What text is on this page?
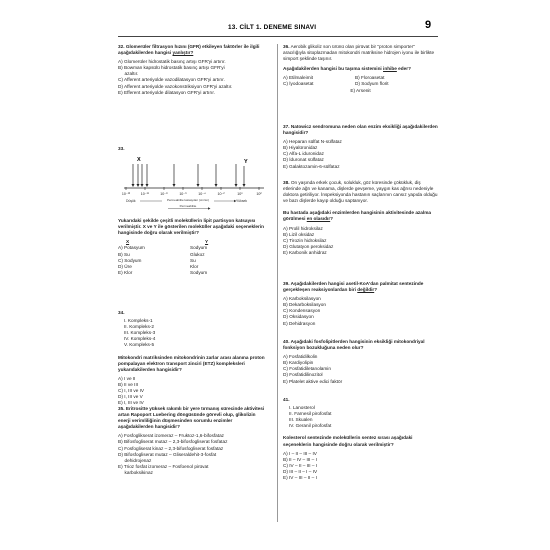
13. CİLT 1. DENEME SINAVI	9
32. Glomerüler filtrasyon hızını (GFR) etkileyen faktörler ile ilgili aşağıdakilerden hangisi yanlıştır?
A) Glomerüler hidrostatik basınç artışı GFR'yi artırır.
B) Bowman kapsülü hidrostatik basınç artışı GFR'yi
azaltır.
C) Afferent arteriyolde vazodilatasyon GFR'yi artırır.
D) Afferent arteriyolde vazokonstriksiyon GFR'yi azaltır.
E) Efferent arteriyolde dilatasyon GFR'yi artırır.
33.
X	Y
10⁻¹²	10⁻¹⁰	10⁻⁸	10⁻⁶	10⁻⁴	10⁻²	10⁰	10²
Düşük	Permeabilite katsayıları (cm/sn)	Yüksek
Permeabilite
Yukarıdaki şekilde çeşitli moleküllerin lipit partisyon katsayısı verilmiştir. X ve Y ile gösterilen moleküller aşağıdaki seçeneklerin hangisinde doğru olarak verilmiştir?
X	Y
A) Potasyum	Sodyum
B) Su	Glukoz
C) Sodyum	Su
D) Üre	Klor
E) Klor	Sodyum
34.
I. Kompleks-1
II. Kompleks-2
III. Kompleks-3
IV. Kompleks-4
V. Kompleks-5
Mitokondri matriksinden mitokondrinin zarlar arası alanına proton pompalayan elektron transport zinciri (ETZ) kompleksleri yukarıdakilerden hangisidir?
A) I ve II
B) II ve III
C) I, III ve IV
D) I, III ve V
E) I, III ve IV
35. Eritrositte yüksek rakımlı bir yere tırmanış sürecinde aktivitesi artan Rapoport Luebering döngüsünde görevli olup, glikolizin enerji verimliliğinin düşmesinden sorumlu enzimler aşağıdakilerden hangisidir?
A) Fosfoglikserat izomeraz – Fruktoz-1,6-bifosfataz
B) Bifosfogliserat mutaz – 2,3-bifosfogliserat fosfataz
C) Fosfogliserat kinaz – 2,3-bifosfogliserat fosfataz
D) Bifosfogliserat mutaz – Gliseraldehit-3-fosfat
dehidrojenaz
E) Trioz fosfat izomeraz – Fosfoenol pirüvat
karboksikinaz
36. Aerobik glikoliz son ürünü olan pirüvat bir "proton simporter" aracılığıyla sitoplazmadan mitokondri matriksine hidrojen iyonu ile birlikte simport şeklinde taşınır.
Aşağıdakilerden hangisi bu taşıma sistemini inhibe eder?
A) Etilmaleimit	B) Floroasetat
C) İyodoasetat	D) Sodyum florit
E) Arsenit
37. Natowicz sendromuna neden olan enzim eksikliği aşağıdakilerden hangisidir?
A) Heparan sülfat N-sülfataz
B) Hiyalüronidaz
C) Alfa-L iduronidaz
D) İduronat sülfataz
E) Galaktozamin-6-sülfataz
38. On yaşında erkek çocuk, solukluk, göz küresinde çökükluk, diş etlerinde ağrı ve kanama, dişlerde gevşeme, yaygın kas ağrısı nedeniyle doktora getiriliyor. İnspeksiyonda hastanın saçlarının cansız yapıda olduğu ve bazı dişlerde kayıp olduğu saptanıyor.
Bu hastada aşağıdaki enzimlerden hangisinin aktivitesinde azalma görülmesi en olasıdır?
A) Prolil hidroksilaz
B) Lizil oksidaz
C) Tirozin hidroksilaz
D) Glutatyon peroksidaz
E) Karbonik anhidraz
39. Aşağıdakilerden hangisi asetil-KoA'dan palmitat sentezinde gerçekleşen reaksiyonlardan biri değildir?
A) Karboksilasyon
B) Dekarboksilasyon
C) Kondensasyon
D) Oksidasyon
E) Dehidrasyon
40. Aşağıdaki fosfolipitlerden hangisinin eksikliği mitokondriyal fonksiyon bozukluğuna neden olur?
A) Fosfatidilkolin
B) Kardiyolipin
C) Fosfatidiletanolamin
D) Fosfatidilinozitol
E) Platelet aktive edici faktör
41.
I. Lanosterol
II. Farnesil pirofosfat
III. Skualen
IV. Geranil pirofosfat
Kolesterol sentezinde moleküllerin sentez sırası aşağıdaki seçeneklerin hangisinde doğru olarak verilmiştir?
A) I – II – III – IV
B) II – IV – III – I
C) IV – II – III – I
D) III – II – I – IV
E) IV – III – II – I
